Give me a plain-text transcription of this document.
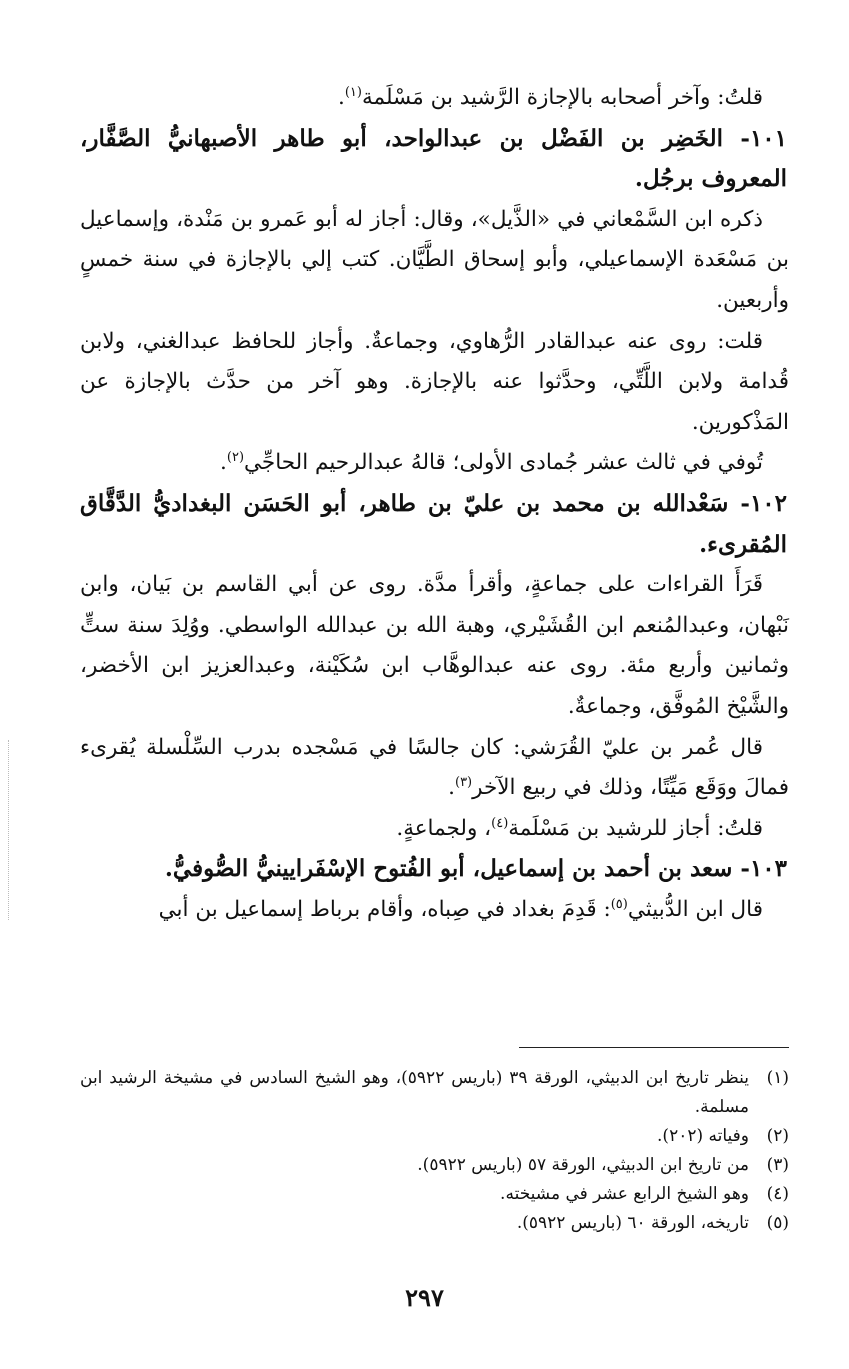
قلتُ: وآخر أصحابه بالإجازة الرَّشيد بن مَسْلَمة$^{(١)}$.

١٠١- الخَضِر بن الفَضْل بن عبدالواحد، أبو طاهر الأصبهانيُّ الصَّفَّار، المعروف برجُل.

ذكره ابن السَّمْعاني في «الذَّيل»، وقال: أجاز له أبو عَمرو بن مَنْدة، وإسماعيل بن مَسْعَدة الإسماعيلي، وأبو إسحاق الطَّيَّان. كتب إلي بالإجازة في سنة خمسٍ وأربعين.

قلت: روى عنه عبدالقادر الرُّهاوي، وجماعةٌ. وأجاز للحافظ عبدالغني، ولابن قُدامة ولابن اللَّتِّي، وحدَّثوا عنه بالإجازة. وهو آخر من حدَّث بالإجازة عن المَذْكورين.

تُوفي في ثالث عشر جُمادى الأولى؛ قالهُ عبدالرحيم الحاجِّي$^{(٢)}$.

١٠٢- سَعْدالله بن محمد بن عليّ بن طاهر، أبو الحَسَن البغداديُّ الدَّقَّاق المُقرىء.

قَرَأَ القراءات على جماعةٍ، وأقرأ مدَّة. روى عن أبي القاسم بن بَيان، وابن نَبْهان، وعبدالمُنعم ابن القُشَيْري، وهبة الله بن عبدالله الواسطي. ووُلِدَ سنة ستٍّ وثمانين وأربع مئة. روى عنه عبدالوهَّاب ابن سُكَيْنة، وعبدالعزيز ابن الأخضر، والشَّيْخ المُوفَّق، وجماعةٌ.

قال عُمر بن عليّ القُرَشي: كان جالسًا في مَسْجده بدرب السِّلْسلة يُقرىء فمالَ ووَقَع مَيِّتًا، وذلك في ربيع الآخر$^{(٣)}$.

قلتُ: أجاز للرشيد بن مَسْلَمة$^{(٤)}$، ولجماعةٍ.

١٠٣- سعد بن أحمد بن إسماعيل، أبو الفُتوح الإسْفَرايينيُّ الصُّوفيُّ.

قال ابن الدُّبيثي$^{(٥)}$: قَدِمَ بغداد في صِباه، وأقام برباط إسماعيل بن أبي

(١)
ينظر تاريخ ابن الدبيثي، الورقة ٣٩ (باريس ٥٩٢٢)، وهو الشيخ السادس في مشيخة الرشيد ابن مسلمة.
(٢)
وفياته (٢٠٢).
(٣)
من تاريخ ابن الدبيثي، الورقة ٥٧ (باريس ٥٩٢٢).
(٤)
وهو الشيخ الرابع عشر في مشيخته.
(٥)
تاريخه، الورقة ٦٠ (باريس ٥٩٢٢).
٢٩٧
